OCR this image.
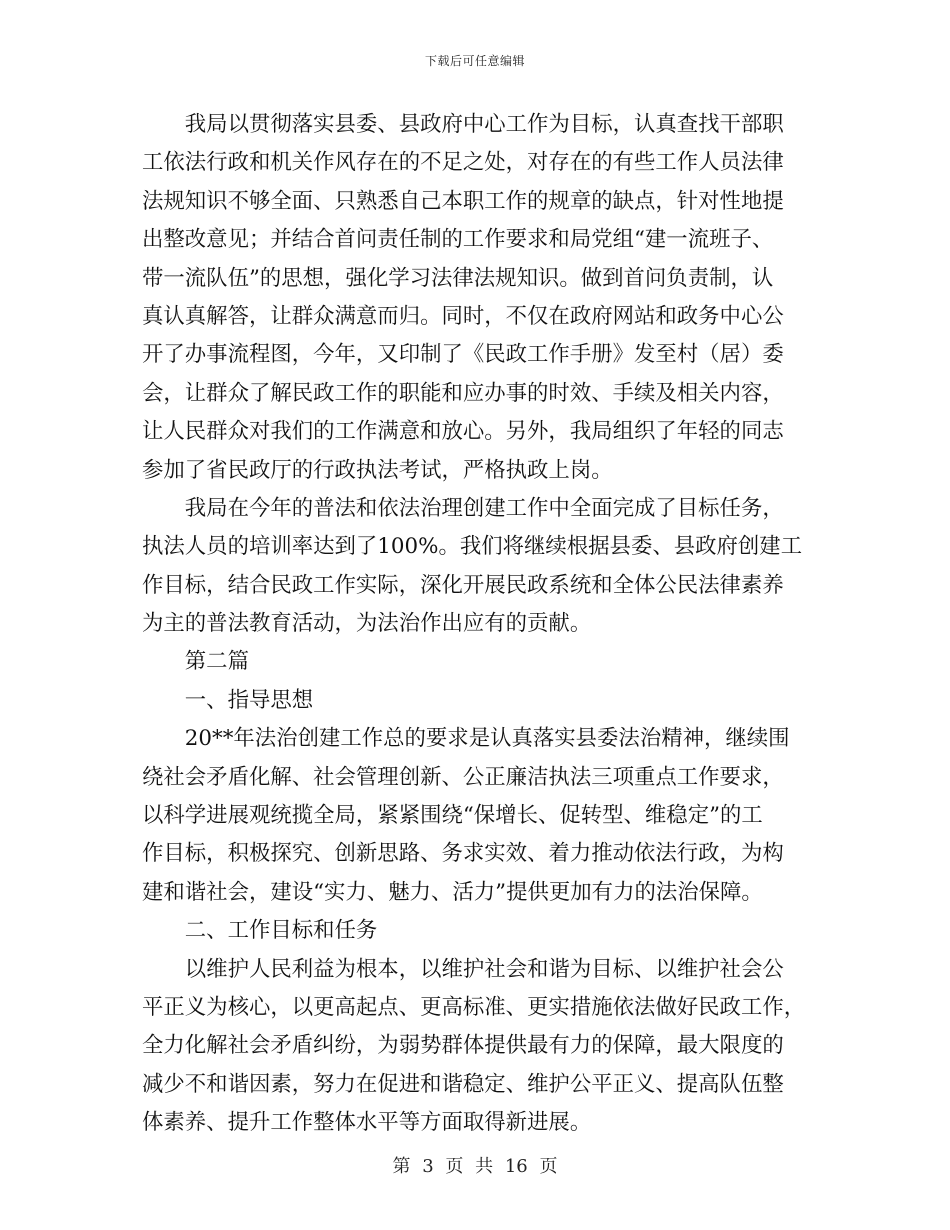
下载后可任意编辑
　　我局以贯彻落实县委、县政府中心工作为目标，认真查找干部职
工依法行政和机关作风存在的不足之处，对存在的有些工作人员法律
法规知识不够全面、只熟悉自己本职工作的规章的缺点，针对性地提
出整改意见；并结合首问责任制的工作要求和局党组“建一流班子、
带一流队伍”的思想，强化学习法律法规知识。做到首问负责制，认
真认真解答，让群众满意而归。同时，不仅在政府网站和政务中心公
开了办事流程图，今年，又印制了《民政工作手册》发至村（居）委
会，让群众了解民政工作的职能和应办事的时效、手续及相关内容，
让人民群众对我们的工作满意和放心。另外，我局组织了年轻的同志
参加了省民政厅的行政执法考试，严格执政上岗。
　　我局在今年的普法和依法治理创建工作中全面完成了目标任务，
执法人员的培训率达到了100%。我们将继续根据县委、县政府创建工
作目标，结合民政工作实际，深化开展民政系统和全体公民法律素养
为主的普法教育活动，为法治作出应有的贡献。
　　第二篇
　　一、指导思想
　　20**年法治创建工作总的要求是认真落实县委法治精神，继续围
绕社会矛盾化解、社会管理创新、公正廉洁执法三项重点工作要求，
以科学进展观统揽全局，紧紧围绕“保增长、促转型、维稳定”的工
作目标，积极探究、创新思路、务求实效、着力推动依法行政，为构
建和谐社会，建设“实力、魅力、活力”提供更加有力的法治保障。
　　二、工作目标和任务
　　以维护人民利益为根本，以维护社会和谐为目标、以维护社会公
平正义为核心，以更高起点、更高标准、更实措施依法做好民政工作，
全力化解社会矛盾纠纷，为弱势群体提供最有力的保障，最大限度的
减少不和谐因素，努力在促进和谐稳定、维护公平正义、提高队伍整
体素养、提升工作整体水平等方面取得新进展。
第 3 页 共 16 页
